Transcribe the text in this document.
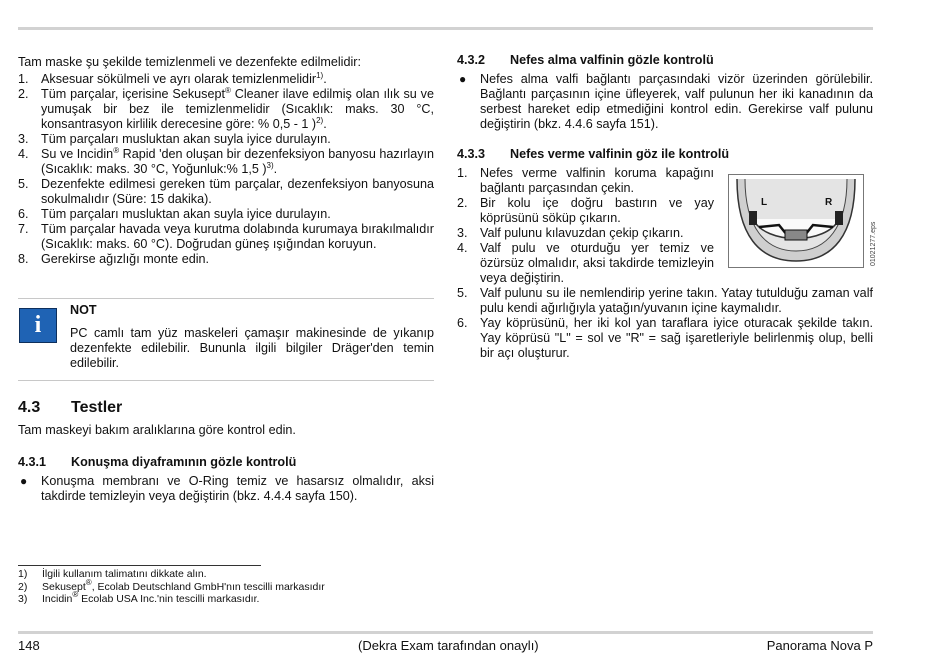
Tam maske şu şekilde temizlenmeli ve dezenfekte edilmelidir:

1. Aksesuar sökülmeli ve ayrı olarak temizlenmelidir$^{1)}$.
2. Tüm parçalar, içerisine Sekusept® Cleaner ilave edilmiş olan ılık su ve yumuşak bir bez ile temizlenmelidir (Sıcaklık: maks. 30 °C, konsantrasyon kirlilik derecesine göre: % 0,5 - 1 )$^{2)}$.
3. Tüm parçaları musluktan akan suyla iyice durulayın.
4. Su ve Incidin® Rapid 'den oluşan bir dezenfeksiyon banyosu hazırlayın (Sıcaklık: maks. 30 °C, Yoğunluk:% 1,5 )$^{3)}$.
5. Dezenfekte edilmesi gereken tüm parçalar, dezenfeksiyon banyosuna sokulmalıdır (Süre: 15 dakika).
6. Tüm parçaları musluktan akan suyla iyice durulayın.
7. Tüm parçalar havada veya kurutma dolabında kurumaya bırakılmalıdır (Sıcaklık: maks. 60 °C). Doğrudan güneş ışığından koruyun.
8. Gerekirse ağızlığı monte edin.
i
NOT
PC camlı tam yüz maskeleri çamaşır makinesinde de yıkanıp dezenfekte edilebilir. Bununla ilgili bilgiler Dräger'den temin edilebilir.
4.3	Testler

Tam maskeyi bakım aralıklarına göre kontrol edin.

4.3.1	Konuşma diyaframının gözle kontrolü
● Konuşma membranı ve O-Ring temiz ve hasarsız olmalıdır, aksi takdirde temizleyin veya değiştirin (bkz. 4.4.4 sayfa 150).
1) İlgili kullanım talimatını dikkate alın.
2) Sekusept®, Ecolab Deutschland GmbH'nın tescilli markasıdır
3) Incidin® Ecolab USA Inc.'nin tescilli markasıdır.
4.3.2	Nefes alma valfinin gözle kontrolü
● Nefes alma valfi bağlantı parçasındaki vizör üzerinden görülebilir. Bağlantı parçasının içine üfleyerek, valf pulunun her iki kanadının da serbest hareket edip etmediğini kontrol edin. Gerekirse valf pulunu değiştirin (bkz. 4.4.6 sayfa 151).
4.3.3	Nefes verme valfinin göz ile kontrolü
1. Nefes verme valfinin koruma kapağını bağlantı parçasından çekin.
2. Bir kolu içe doğru bastırın ve yay köprüsünü söküp çıkarın.
3. Valf pulunu kılavuzdan çekip çıkarın.
4. Valf pulu ve oturduğu yer temiz ve özürsüz olmalıdır, aksi takdirde temizleyin veya değiştirin.
5. Valf pulunu su ile nemlendirip yerine takın. Yatay tutulduğu zaman valf pulu kendi ağırlığıyla yatağın/yuvanın içine kaymalıdır.
6. Yay köprüsünü, her iki kol yan taraflara iyice oturacak şekilde takın. Yay köprüsü "L" = sol ve "R" = sağ işaretleriyle belirlenmiş olup, belli bir açı oluşturur.
L	R
01021277.eps
148	(Dekra Exam tarafından onaylı)	Panorama Nova P
